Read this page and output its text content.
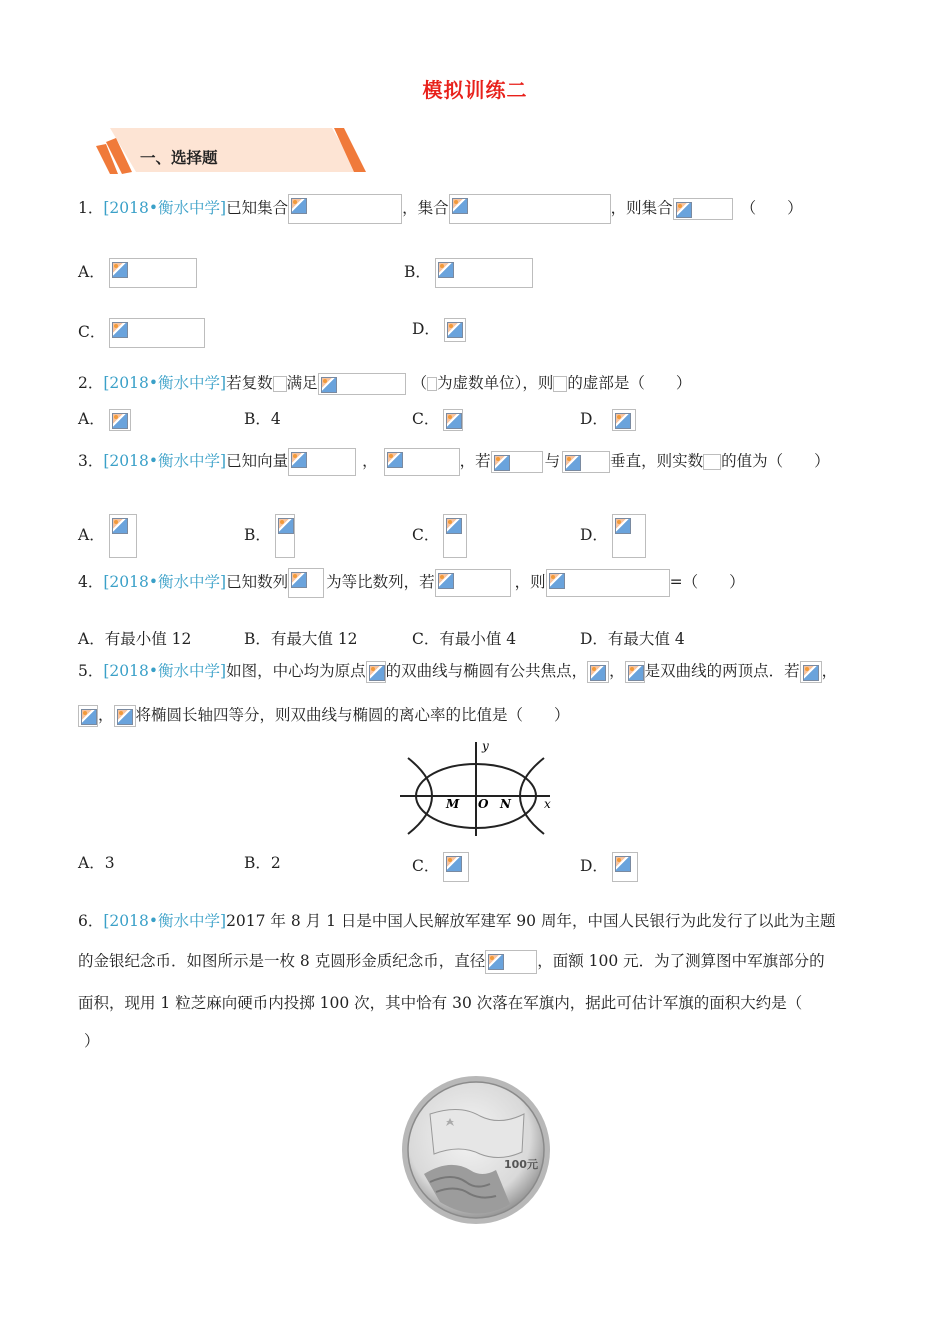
模拟训练二
一、选择题
1．[2018•衡水中学]已知集合	，集合	，则集合	（　　）
A．	B．
C．	D．
2．[2018•衡水中学]若复数 满足	（ 为虚数单位），则 的虚部是（　　）
A．	B．4	C．	D．
3．[2018•衡水中学]已知向量	，	，若	与	垂直，则实数 的值为（　　）
A．	B．	C．	D．
4．[2018•衡水中学]已知数列 为等比数列，若	，则	=（　　）
A．有最小值 12	B．有最大值 12	C．有最小值 4	D．有最大值 4
5．[2018•衡水中学]如图，中心均为原点 的双曲线与椭圆有公共焦点， ， 是双曲线的两顶点．若 ，
， 将椭圆长轴四等分，则双曲线与椭圆的离心率的比值是（　　）
y
x
M O N
A．3	B．2	C．	D．
6．[2018•衡水中学]2017 年 8 月 1 日是中国人民解放军建军 90 周年，中国人民银行为此发行了以此为主题
的金银纪念币．如图所示是一枚 8 克圆形金质纪念币，直径	，面额 100 元．为了测算图中军旗部分的
面积，现用 1 粒芝麻向硬币内投掷 100 次，其中恰有 30 次落在军旗内，据此可估计军旗的面积大约是（
）
100元
